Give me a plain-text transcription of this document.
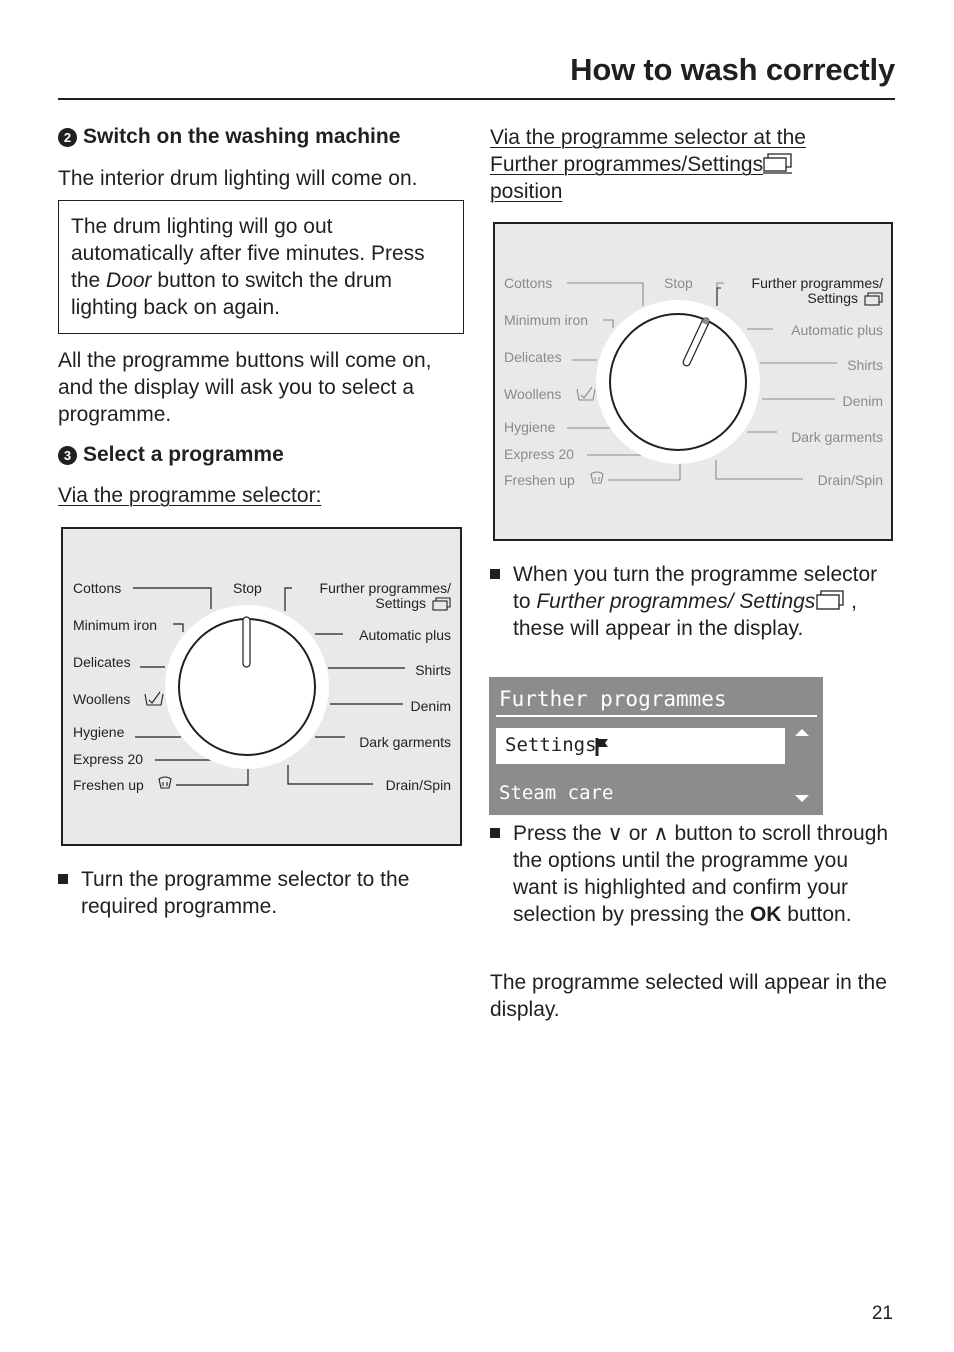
How to wash correctly
2 Switch on the washing machine
The interior drum lighting will come on.
The drum lighting will go out automatically after five minutes. Press the Door button to switch the drum lighting back on again.
All the programme buttons will come on, and the display will ask you to select a programme.
3 Select a programme
Via the programme selector:
Cottons
Minimum iron
Delicates
Woollens
Hygiene
Express 20
Freshen up
Stop	Further programmes/
Settings
Automatic plus
Shirts
Denim
Dark garments
Drain/Spin
Turn the programme selector to the required programme.
Via the programme selector at the
Further programmes/Settings
position
Cottons
Minimum iron
Delicates
Woollens
Hygiene
Express 20
Freshen up
Stop
Automatic plus
Shirts
Denim
Dark garments
Drain/Spin
Further programmes/
Settings
When you turn the programme selector to Further programmes/ Settings , these will appear in the display.
Further programmes
Settings
Steam care
Press the ∨ or ∧ button to scroll through the options until the programme you want is highlighted and confirm your selection by pressing the OK button.
The programme selected will appear in the display.
21
